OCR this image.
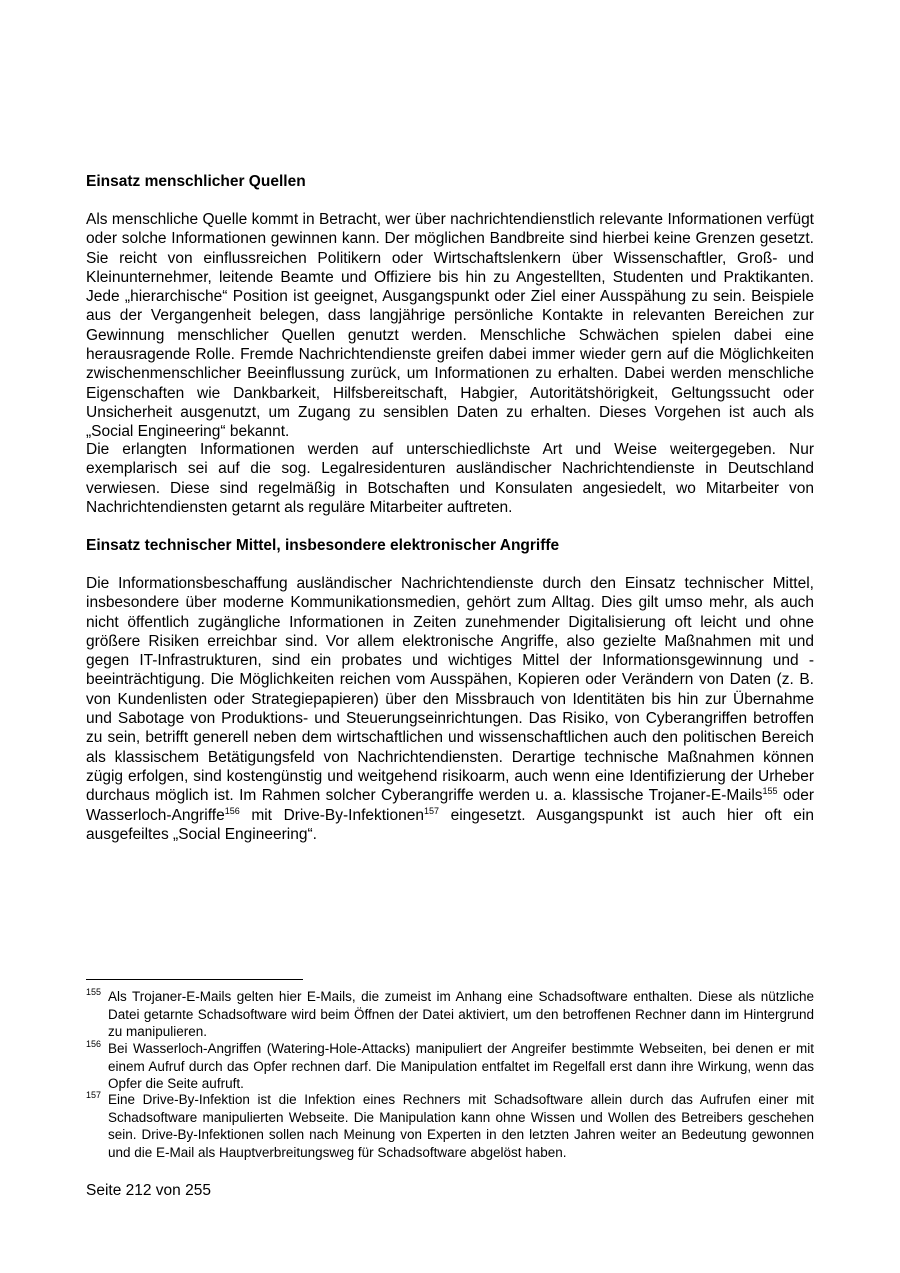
Einsatz menschlicher Quellen

Als menschliche Quelle kommt in Betracht, wer über nachrichtendienstlich relevante Informationen verfügt oder solche Informationen gewinnen kann. Der möglichen Bandbreite sind hierbei keine Grenzen gesetzt. Sie reicht von einflussreichen Politikern oder Wirtschaftslenkern über Wissenschaftler, Groß- und Kleinunternehmer, leitende Beamte und Offiziere bis hin zu Angestellten, Studenten und Praktikanten. Jede „hierarchische“ Position ist geeignet, Ausgangspunkt oder Ziel einer Ausspähung zu sein. Beispiele aus der Vergangenheit belegen, dass langjährige persönliche Kontakte in relevanten Bereichen zur Gewinnung menschlicher Quellen genutzt werden. Menschliche Schwächen spielen dabei eine herausragende Rolle. Fremde Nachrichtendienste greifen dabei immer wieder gern auf die Möglichkeiten zwischenmenschlicher Beeinflussung zurück, um Informationen zu erhalten. Dabei werden menschliche Eigenschaften wie Dankbarkeit, Hilfsbereitschaft, Habgier, Autoritätshörigkeit, Geltungssucht oder Unsicherheit ausgenutzt, um Zugang zu sensiblen Daten zu erhalten. Dieses Vorgehen ist auch als „Social Engineering“ bekannt.

Die erlangten Informationen werden auf unterschiedlichste Art und Weise weitergegeben. Nur exemplarisch sei auf die sog. Legalresidenturen ausländischer Nachrichtendienste in Deutschland verwiesen. Diese sind regelmäßig in Botschaften und Konsulaten angesiedelt, wo Mitarbeiter von Nachrichtendiensten getarnt als reguläre Mitarbeiter auftreten.

Einsatz technischer Mittel, insbesondere elektronischer Angriffe

Die Informationsbeschaffung ausländischer Nachrichtendienste durch den Einsatz technischer Mittel, insbesondere über moderne Kommunikationsmedien, gehört zum Alltag. Dies gilt umso mehr, als auch nicht öffentlich zugängliche Informationen in Zeiten zunehmender Digitalisierung oft leicht und ohne größere Risiken erreichbar sind. Vor allem elektronische Angriffe, also gezielte Maßnahmen mit und gegen IT-Infrastrukturen, sind ein probates und wichtiges Mittel der Informationsgewinnung und -beeinträchtigung. Die Möglichkeiten reichen vom Ausspähen, Kopieren oder Verändern von Daten (z. B. von Kundenlisten oder Strategiepapieren) über den Missbrauch von Identitäten bis hin zur Übernahme und Sabotage von Produktions- und Steuerungseinrichtungen. Das Risiko, von Cyberangriffen betroffen zu sein, betrifft generell neben dem wirtschaftlichen und wissenschaftlichen auch den politischen Bereich als klassischem Betätigungsfeld von Nachrichtendiensten. Derartige technische Maßnahmen können zügig erfolgen, sind kostengünstig und weitgehend risikoarm, auch wenn eine Identifizierung der Urheber durchaus möglich ist. Im Rahmen solcher Cyberangriffe werden u. a. klassische Trojaner-E-Mails$^{155}$ oder Wasserloch-Angriffe$^{156}$ mit Drive-By-Infektionen$^{157}$ eingesetzt. Ausgangspunkt ist auch hier oft ein ausgefeiltes „Social Engineering“.

155 Als Trojaner-E-Mails gelten hier E-Mails, die zumeist im Anhang eine Schadsoftware enthalten. Diese als nützliche Datei getarnte Schadsoftware wird beim Öffnen der Datei aktiviert, um den betroffenen Rechner dann im Hintergrund zu manipulieren.
156 Bei Wasserloch-Angriffen (Watering-Hole-Attacks) manipuliert der Angreifer bestimmte Webseiten, bei denen er mit einem Aufruf durch das Opfer rechnen darf. Die Manipulation entfaltet im Regelfall erst dann ihre Wirkung, wenn das Opfer die Seite aufruft.
157 Eine Drive-By-Infektion ist die Infektion eines Rechners mit Schadsoftware allein durch das Aufrufen einer mit Schadsoftware manipulierten Webseite. Die Manipulation kann ohne Wissen und Wollen des Betreibers geschehen sein. Drive-By-Infektionen sollen nach Meinung von Experten in den letzten Jahren weiter an Bedeutung gewonnen und die E-Mail als Hauptverbreitungsweg für Schadsoftware abgelöst haben.
Seite 212 von 255
